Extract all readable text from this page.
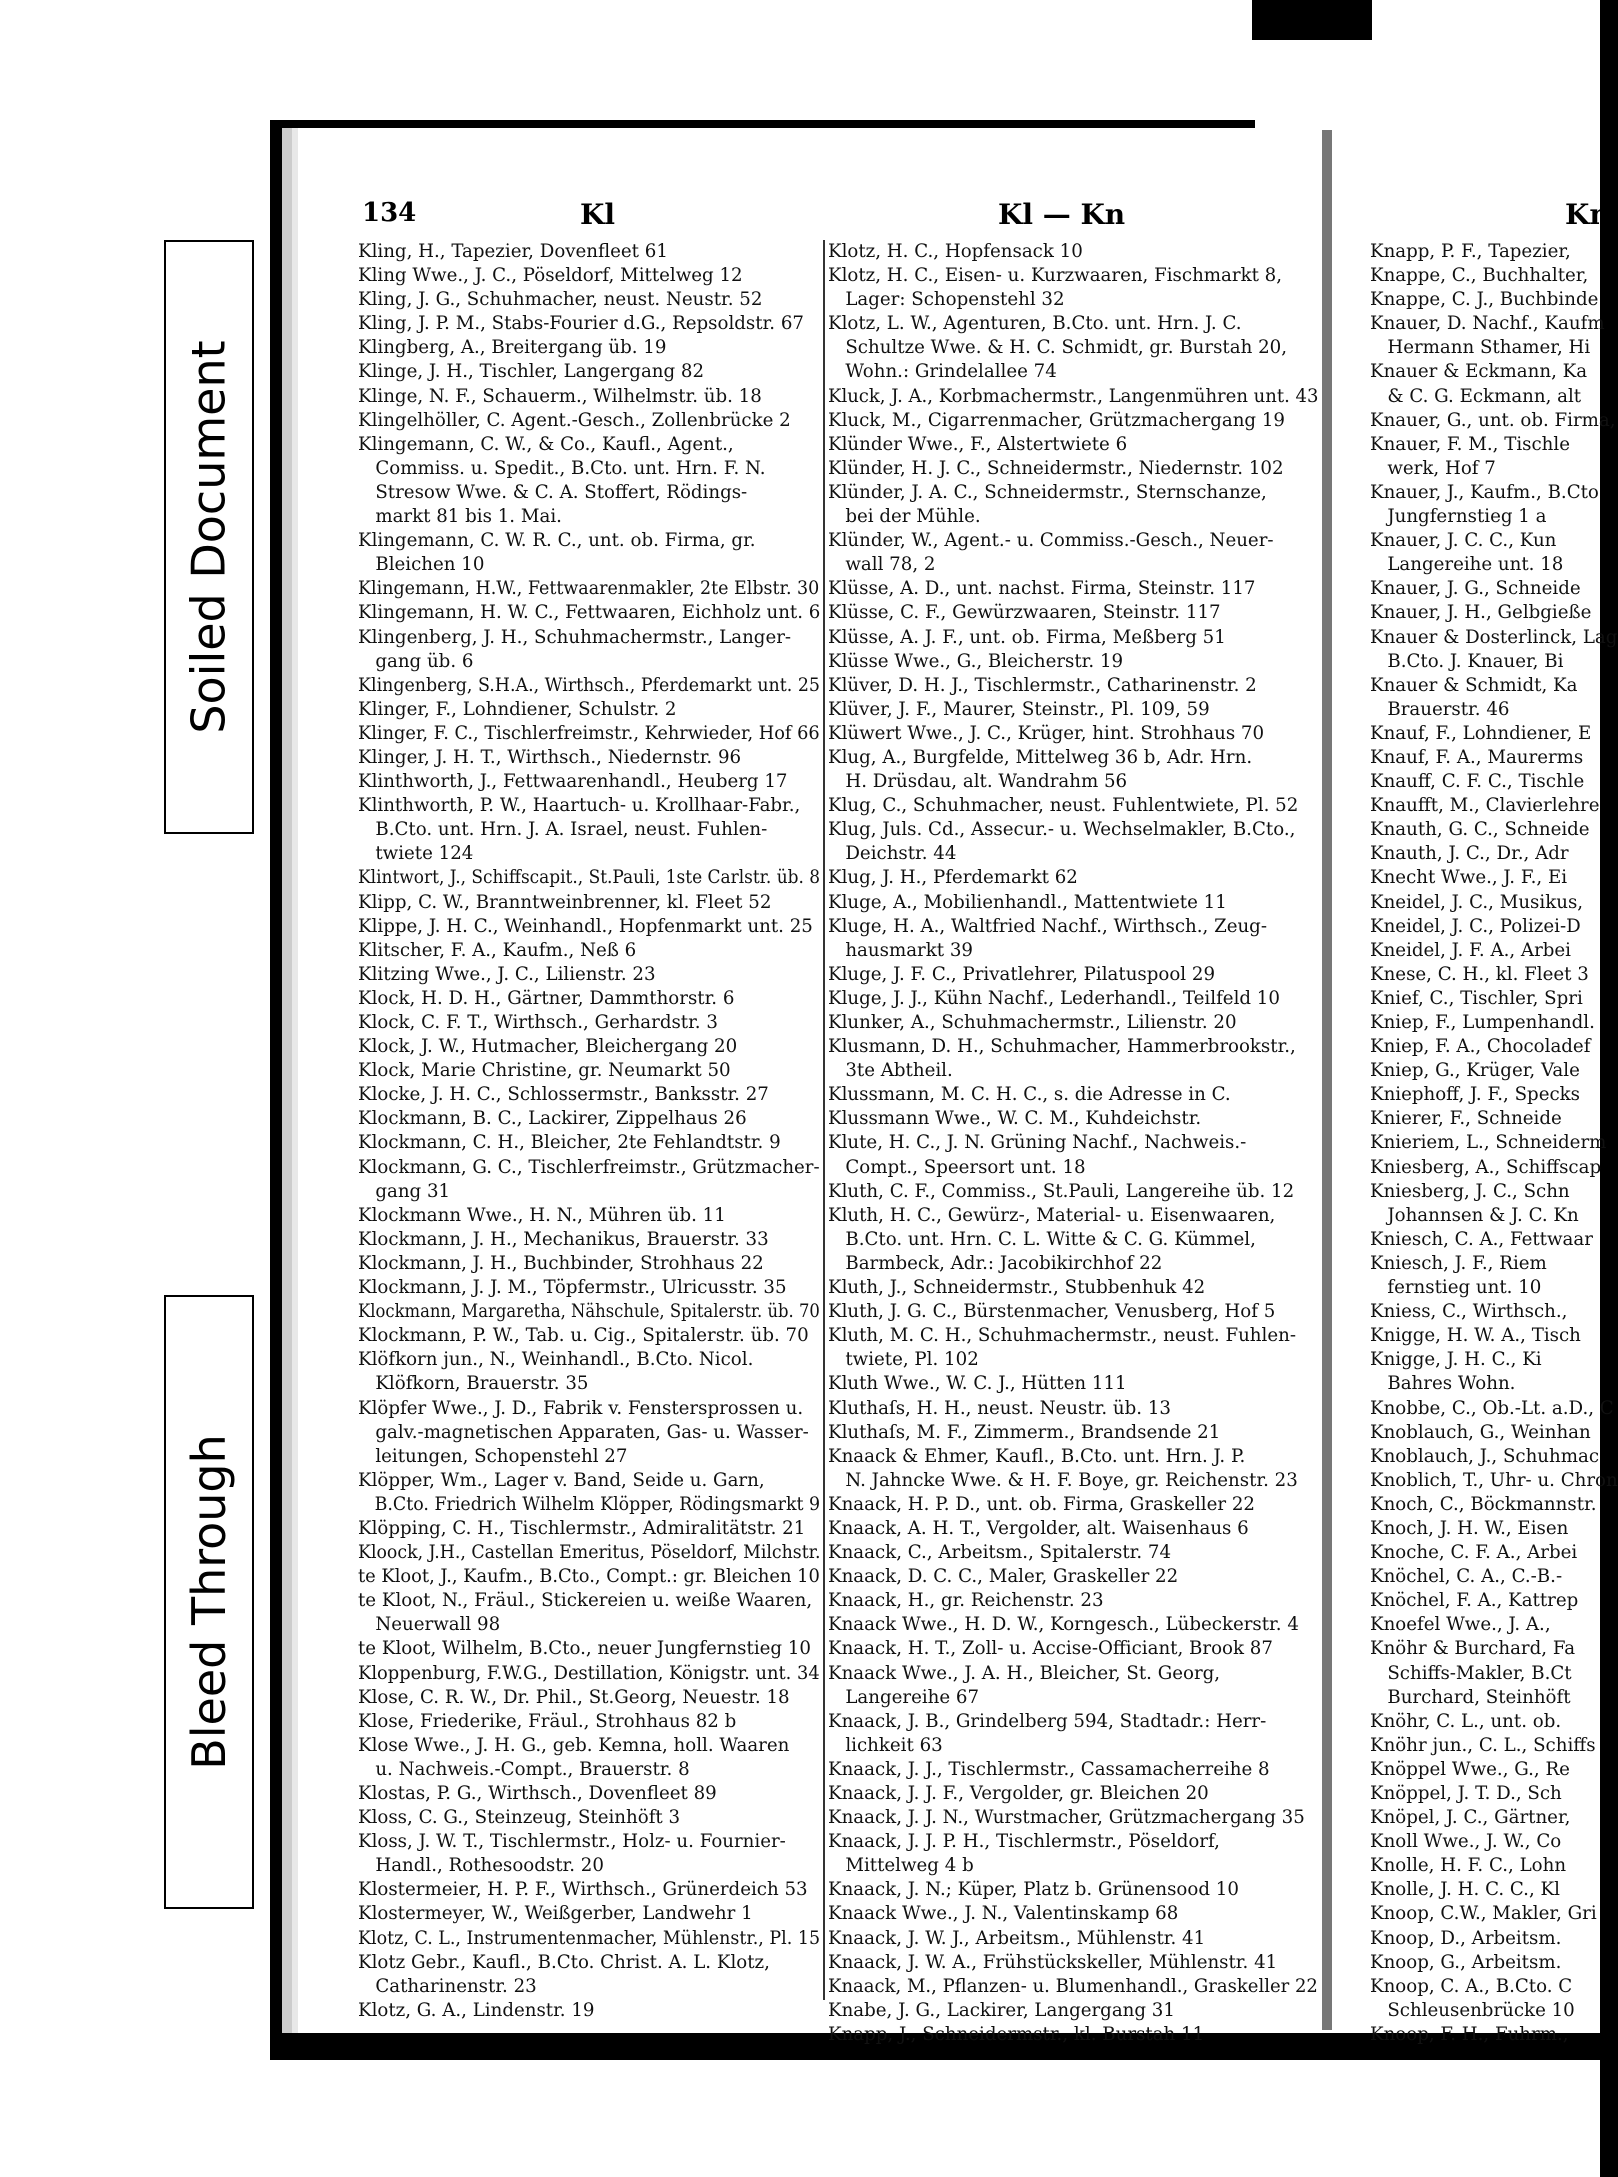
Soiled Document
Bleed Through
134	Kl	Kl — Kn	Kn
Kling, H., Tapezier, Dovenfleet 61
Kling Wwe., J. C., Pöseldorf, Mittelweg 12
Kling, J. G., Schuhmacher, neust. Neustr. 52
Kling, J. P. M., Stabs-Fourier d.G., Repsoldstr. 67
Klingberg, A., Breitergang üb. 19
Klinge, J. H., Tischler, Langergang 82
Klinge, N. F., Schauerm., Wilhelmstr. üb. 18
Klingelhöller, C. Agent.-Gesch., Zollenbrücke 2
Klingemann, C. W., & Co., Kaufl., Agent.,
Commiss. u. Spedit., B.Cto. unt. Hrn. F. N.
Stresow Wwe. & C. A. Stoffert, Rödings-
markt 81 bis 1. Mai.
Klingemann, C. W. R. C., unt. ob. Firma, gr.
Bleichen 10
Klingemann, H.W., Fettwaarenmakler, 2te Elbstr. 30
Klingemann, H. W. C., Fettwaaren, Eichholz unt. 6
Klingenberg, J. H., Schuhmachermstr., Langer-
gang üb. 6
Klingenberg, S.H.A., Wirthsch., Pferdemarkt unt. 25
Klinger, F., Lohndiener, Schulstr. 2
Klinger, F. C., Tischlerfreimstr., Kehrwieder, Hof 66
Klinger, J. H. T., Wirthsch., Niedernstr. 96
Klinthworth, J., Fettwaarenhandl., Heuberg 17
Klinthworth, P. W., Haartuch- u. Krollhaar-Fabr.,
B.Cto. unt. Hrn. J. A. Israel, neust. Fuhlen-
twiete 124
Klintwort, J., Schiffscapit., St.Pauli, 1ste Carlstr. üb. 8
Klipp, C. W., Branntweinbrenner, kl. Fleet 52
Klippe, J. H. C., Weinhandl., Hopfenmarkt unt. 25
Klitscher, F. A., Kaufm., Neß 6
Klitzing Wwe., J. C., Lilienstr. 23
Klock, H. D. H., Gärtner, Dammthorstr. 6
Klock, C. F. T., Wirthsch., Gerhardstr. 3
Klock, J. W., Hutmacher, Bleichergang 20
Klock, Marie Christine, gr. Neumarkt 50
Klocke, J. H. C., Schlossermstr., Banksstr. 27
Klockmann, B. C., Lackirer, Zippelhaus 26
Klockmann, C. H., Bleicher, 2te Fehlandtstr. 9
Klockmann, G. C., Tischlerfreimstr., Grützmacher-
gang 31
Klockmann Wwe., H. N., Mühren üb. 11
Klockmann, J. H., Mechanikus, Brauerstr. 33
Klockmann, J. H., Buchbinder, Strohhaus 22
Klockmann, J. J. M., Töpfermstr., Ulricusstr. 35
Klockmann, Margaretha, Nähschule, Spitalerstr. üb. 70
Klockmann, P. W., Tab. u. Cig., Spitalerstr. üb. 70
Klöfkorn jun., N., Weinhandl., B.Cto. Nicol.
Klöfkorn, Brauerstr. 35
Klöpfer Wwe., J. D., Fabrik v. Fenstersprossen u.
galv.-magnetischen Apparaten, Gas- u. Wasser-
leitungen, Schopenstehl 27
Klöpper, Wm., Lager v. Band, Seide u. Garn,
B.Cto. Friedrich Wilhelm Klöpper, Rödingsmarkt 9
Klöpping, C. H., Tischlermstr., Admiralitätstr. 21
Kloock, J.H., Castellan Emeritus, Pöseldorf, Milchstr.
te Kloot, J., Kaufm., B.Cto., Compt.: gr. Bleichen 10
te Kloot, N., Fräul., Stickereien u. weiße Waaren,
Neuerwall 98
te Kloot, Wilhelm, B.Cto., neuer Jungfernstieg 10
Kloppenburg, F.W.G., Destillation, Königstr. unt. 34
Klose, C. R. W., Dr. Phil., St.Georg, Neuestr. 18
Klose, Friederike, Fräul., Strohhaus 82 b
Klose Wwe., J. H. G., geb. Kemna, holl. Waaren
u. Nachweis.-Compt., Brauerstr. 8
Klostas, P. G., Wirthsch., Dovenfleet 89
Kloss, C. G., Steinzeug, Steinhöft 3
Kloss, J. W. T., Tischlermstr., Holz- u. Fournier-
Handl., Rothesoodstr. 20
Klostermeier, H. P. F., Wirthsch., Grünerdeich 53
Klostermeyer, W., Weißgerber, Landwehr 1
Klotz, C. L., Instrumentenmacher, Mühlenstr., Pl. 15
Klotz Gebr., Kaufl., B.Cto. Christ. A. L. Klotz,
Catharinenstr. 23
Klotz, G. A., Lindenstr. 19
Klotz, H. C., Hopfensack 10
Klotz, H. C., Eisen- u. Kurzwaaren, Fischmarkt 8,
Lager: Schopenstehl 32
Klotz, L. W., Agenturen, B.Cto. unt. Hrn. J. C.
Schultze Wwe. & H. C. Schmidt, gr. Burstah 20,
Wohn.: Grindelallee 74
Kluck, J. A., Korbmachermstr., Langenmühren unt. 43
Kluck, M., Cigarrenmacher, Grützmachergang 19
Klünder Wwe., F., Alstertwiete 6
Klünder, H. J. C., Schneidermstr., Niedernstr. 102
Klünder, J. A. C., Schneidermstr., Sternschanze,
bei der Mühle.
Klünder, W., Agent.- u. Commiss.-Gesch., Neuer-
wall 78, 2
Klüsse, A. D., unt. nachst. Firma, Steinstr. 117
Klüsse, C. F., Gewürzwaaren, Steinstr. 117
Klüsse, A. J. F., unt. ob. Firma, Meßberg 51
Klüsse Wwe., G., Bleicherstr. 19
Klüver, D. H. J., Tischlermstr., Catharinenstr. 2
Klüver, J. F., Maurer, Steinstr., Pl. 109, 59
Klüwert Wwe., J. C., Krüger, hint. Strohhaus 70
Klug, A., Burgfelde, Mittelweg 36 b, Adr. Hrn.
H. Drüsdau, alt. Wandrahm 56
Klug, C., Schuhmacher, neust. Fuhlentwiete, Pl. 52
Klug, Juls. Cd., Assecur.- u. Wechselmakler, B.Cto.,
Deichstr. 44
Klug, J. H., Pferdemarkt 62
Kluge, A., Mobilienhandl., Mattentwiete 11
Kluge, H. A., Waltfried Nachf., Wirthsch., Zeug-
hausmarkt 39
Kluge, J. F. C., Privatlehrer, Pilatuspool 29
Kluge, J. J., Kühn Nachf., Lederhandl., Teilfeld 10
Klunker, A., Schuhmachermstr., Lilienstr. 20
Klusmann, D. H., Schuhmacher, Hammerbrookstr.,
3te Abtheil.
Klussmann, M. C. H. C., s. die Adresse in C.
Klussmann Wwe., W. C. M., Kuhdeichstr.
Klute, H. C., J. N. Grüning Nachf., Nachweis.-
Compt., Speersort unt. 18
Kluth, C. F., Commiss., St.Pauli, Langereihe üb. 12
Kluth, H. C., Gewürz-, Material- u. Eisenwaaren,
B.Cto. unt. Hrn. C. L. Witte & C. G. Kümmel,
Barmbeck, Adr.: Jacobikirchhof 22
Kluth, J., Schneidermstr., Stubbenhuk 42
Kluth, J. G. C., Bürstenmacher, Venusberg, Hof 5
Kluth, M. C. H., Schuhmachermstr., neust. Fuhlen-
twiete, Pl. 102
Kluth Wwe., W. C. J., Hütten 111
Kluthaſs, H. H., neust. Neustr. üb. 13
Kluthaſs, M. F., Zimmerm., Brandsende 21
Knaack & Ehmer, Kaufl., B.Cto. unt. Hrn. J. P.
N. Jahncke Wwe. & H. F. Boye, gr. Reichenstr. 23
Knaack, H. P. D., unt. ob. Firma, Graskeller 22
Knaack, A. H. T., Vergolder, alt. Waisenhaus 6
Knaack, C., Arbeitsm., Spitalerstr. 74
Knaack, D. C. C., Maler, Graskeller 22
Knaack, H., gr. Reichenstr. 23
Knaack Wwe., H. D. W., Korngesch., Lübeckerstr. 4
Knaack, H. T., Zoll- u. Accise-Officiant, Brook 87
Knaack Wwe., J. A. H., Bleicher, St. Georg,
Langereihe 67
Knaack, J. B., Grindelberg 594, Stadtadr.: Herr-
lichkeit 63
Knaack, J. J., Tischlermstr., Cassamacherreihe 8
Knaack, J. J. F., Vergolder, gr. Bleichen 20
Knaack, J. J. N., Wurstmacher, Grützmachergang 35
Knaack, J. J. P. H., Tischlermstr., Pöseldorf,
Mittelweg 4 b
Knaack, J. N.; Küper, Platz b. Grünensood 10
Knaack Wwe., J. N., Valentinskamp 68
Knaack, J. W. J., Arbeitsm., Mühlenstr. 41
Knaack, J. W. A., Frühstückskeller, Mühlenstr. 41
Knaack, M., Pflanzen- u. Blumenhandl., Graskeller 22
Knabe, J. G., Lackirer, Langergang 31
Knapp, J., Schneidermstr., kl. Burstah 11
Knapp, P. F., Tapezier,
Knappe, C., Buchhalter,
Knappe, C. J., Buchbinde
Knauer, D. Nachf., Kaufm
Hermann Sthamer, Hi
Knauer & Eckmann, Ka
& C. G. Eckmann, alt
Knauer, G., unt. ob. Firma,
Knauer, F. M., Tischle
werk, Hof 7
Knauer, J., Kaufm., B.Cto
Jungfernstieg 1 a
Knauer, J. C. C., Kun
Langereihe unt. 18
Knauer, J. G., Schneide
Knauer, J. H., Gelbgieße
Knauer & Dosterlinck, Lag
B.Cto. J. Knauer, Bi
Knauer & Schmidt, Ka
Brauerstr. 46
Knauf, F., Lohndiener, E
Knauf, F. A., Maurerms
Knauff, C. F. C., Tischle
Knaufft, M., Clavierlehre
Knauth, G. C., Schneide
Knauth, J. C., Dr., Adr
Knecht Wwe., J. F., Ei
Kneidel, J. C., Musikus,
Kneidel, J. C., Polizei-D
Kneidel, J. F. A., Arbei
Knese, C. H., kl. Fleet 3
Knief, C., Tischler, Spri
Kniep, F., Lumpenhandl.
Kniep, F. A., Chocoladef
Kniep, G., Krüger, Vale
Kniephoff, J. F., Specks
Knierer, F., Schneide
Knieriem, L., Schneiderm
Kniesberg, A., Schiffscap
Kniesberg, J. C., Schn
Johannsen & J. C. Kn
Kniesch, C. A., Fettwaar
Kniesch, J. F., Riem
fernstieg unt. 10
Kniess, C., Wirthsch.,
Knigge, H. W. A., Tisch
Knigge, J. H. C., Ki
Bahres Wohn.
Knobbe, C., Ob.-Lt. a.D., C
Knoblauch, G., Weinhan
Knoblauch, J., Schuhmac
Knoblich, T., Uhr- u. Chron
Knoch, C., Böckmannstr.
Knoch, J. H. W., Eisen
Knoche, C. F. A., Arbei
Knöchel, C. A., C.-B.-
Knöchel, F. A., Kattrep
Knoefel Wwe., J. A.,
Knöhr & Burchard, Fa
Schiffs-Makler, B.Ct
Burchard, Steinhöft
Knöhr, C. L., unt. ob.
Knöhr jun., C. L., Schiffs
Knöppel Wwe., G., Re
Knöppel, J. T. D., Sch
Knöpel, J. C., Gärtner,
Knoll Wwe., J. W., Co
Knolle, H. F. C., Lohn
Knolle, J. H. C. C., Kl
Knoop, C.W., Makler, Gri
Knoop, D., Arbeitsm.
Knoop, G., Arbeitsm.
Knoop, C. A., B.Cto. C
Schleusenbrücke 10
Knoop, F. H., Fuhrm.,
